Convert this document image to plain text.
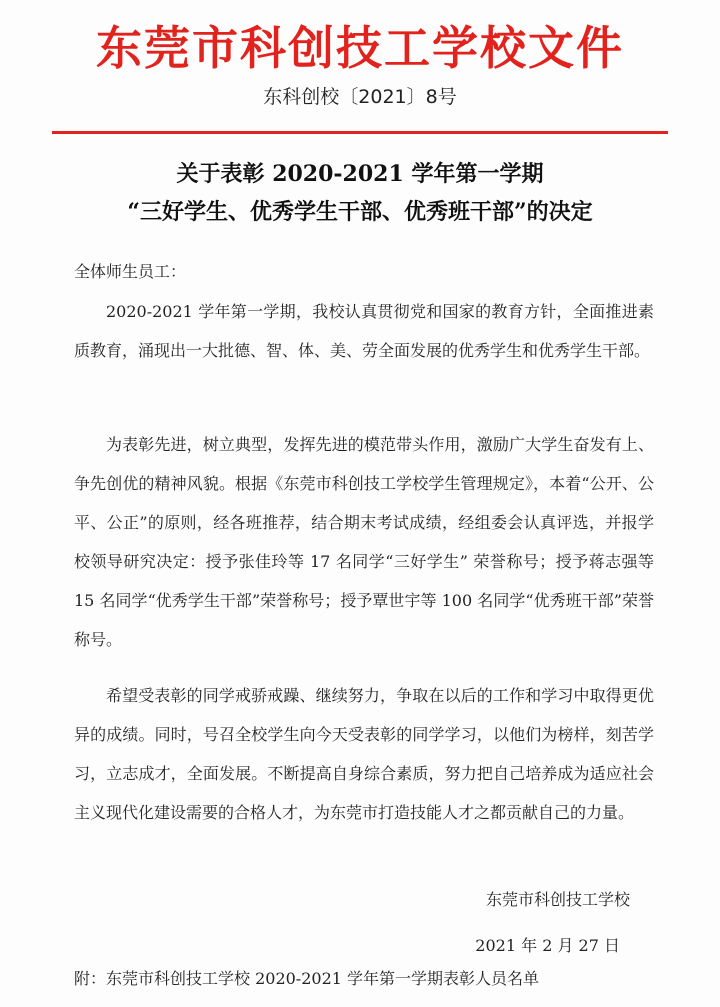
东莞市科创技工学校文件
东科创校〔2021〕8号
关于表彰 2020-2021 学年第一学期
“三好学生、优秀学生干部、优秀班干部”的决定
全体师生员工：
2020-2021 学年第一学期，我校认真贯彻党和国家的教育方针，全面推进素质教育，涌现出一大批德、智、体、美、劳全面发展的优秀学生和优秀学生干部。
为表彰先进，树立典型，发挥先进的模范带头作用，激励广大学生奋发有上、争先创优的精神风貌。根据《东莞市科创技工学校学生管理规定》，本着“公开、公平、公正”的原则，经各班推荐，结合期末考试成绩，经组委会认真评选，并报学校领导研究决定：授予张佳玲等 17 名同学“三好学生” 荣誉称号；授予蒋志强等 15 名同学“优秀学生干部”荣誉称号；授予覃世宇等 100 名同学“优秀班干部”荣誉称号。
希望受表彰的同学戒骄戒躁、继续努力，争取在以后的工作和学习中取得更优异的成绩。同时，号召全校学生向今天受表彰的同学学习，以他们为榜样，刻苦学习，立志成才，全面发展。不断提高自身综合素质，努力把自己培养成为适应社会主义现代化建设需要的合格人才，为东莞市打造技能人才之都贡献自己的力量。
东莞市科创技工学校
2021 年 2 月 27 日
附：东莞市科创技工学校 2020-2021 学年第一学期表彰人员名单
